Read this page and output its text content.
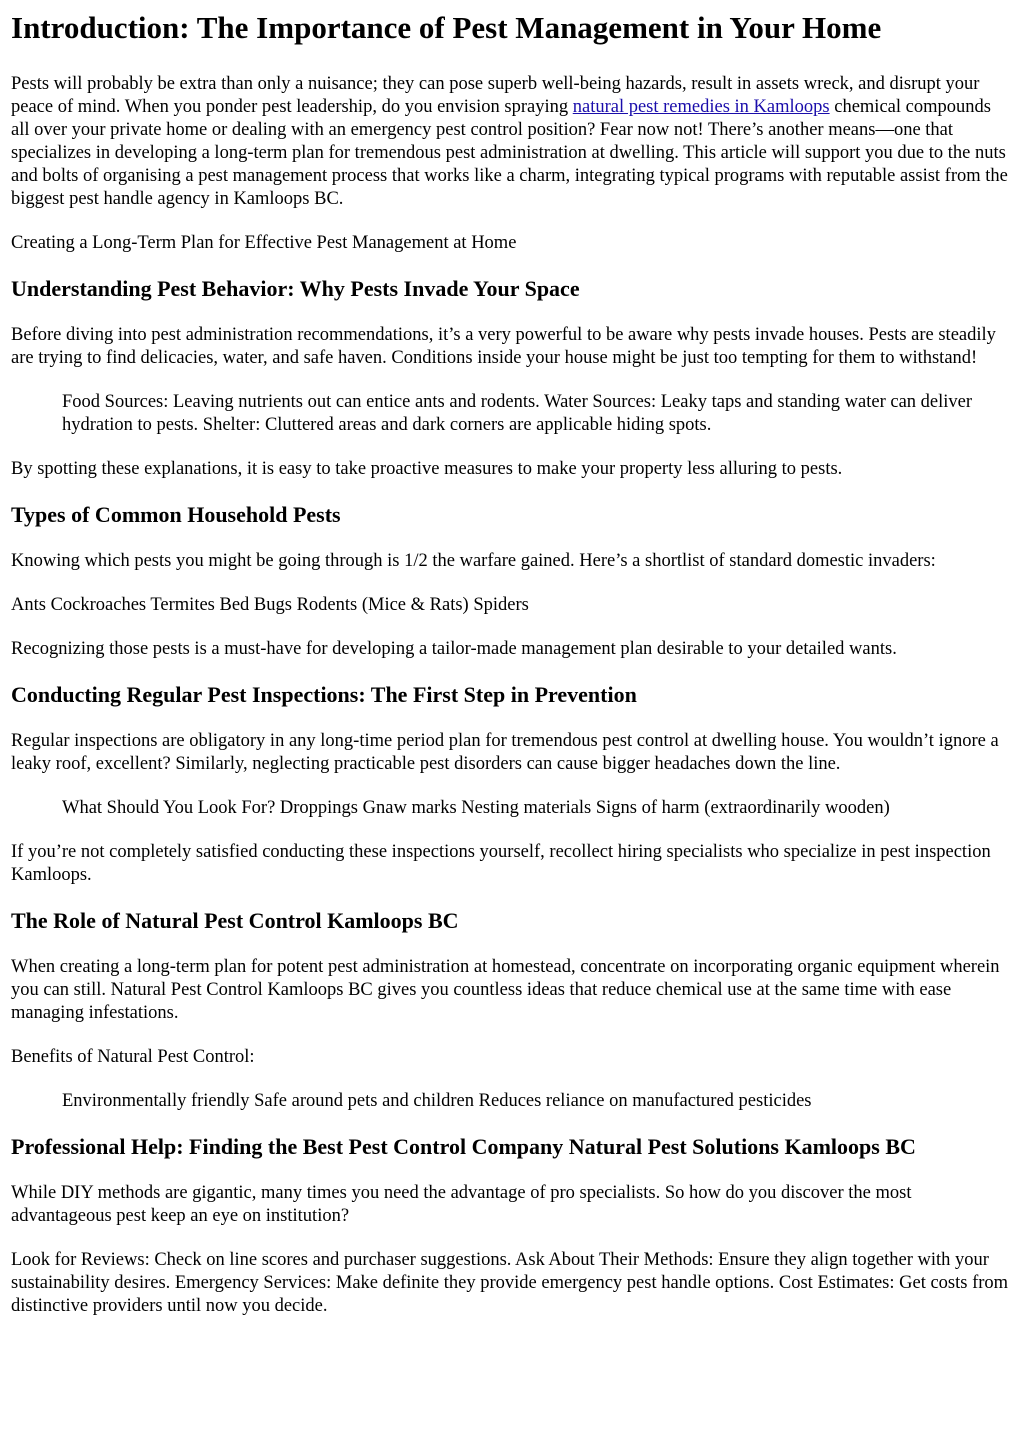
Introduction: The Importance of Pest Management in Your Home

Pests will probably be extra than only a nuisance; they can pose superb well-being hazards, result in assets wreck, and disrupt your peace of mind. When you ponder pest leadership, do you envision spraying natural pest remedies in Kamloops chemical compounds all over your private home or dealing with an emergency pest control position? Fear now not! There’s another means—one that specializes in developing a long-term plan for tremendous pest administration at dwelling. This article will support you due to the nuts and bolts of organising a pest management process that works like a charm, integrating typical programs with reputable assist from the biggest pest handle agency in Kamloops BC.

Creating a Long-Term Plan for Effective Pest Management at Home

Understanding Pest Behavior: Why Pests Invade Your Space

Before diving into pest administration recommendations, it’s a very powerful to be aware why pests invade houses. Pests are steadily are trying to find delicacies, water, and safe haven. Conditions inside your house might be just too tempting for them to withstand!

Food Sources: Leaving nutrients out can entice ants and rodents. Water Sources: Leaky taps and standing water can deliver hydration to pests. Shelter: Cluttered areas and dark corners are applicable hiding spots.

By spotting these explanations, it is easy to take proactive measures to make your property less alluring to pests.

Types of Common Household Pests

Knowing which pests you might be going through is 1/2 the warfare gained. Here’s a shortlist of standard domestic invaders:

Ants Cockroaches Termites Bed Bugs Rodents (Mice & Rats) Spiders

Recognizing those pests is a must-have for developing a tailor-made management plan desirable to your detailed wants.

Conducting Regular Pest Inspections: The First Step in Prevention

Regular inspections are obligatory in any long-time period plan for tremendous pest control at dwelling house. You wouldn’t ignore a leaky roof, excellent? Similarly, neglecting practicable pest disorders can cause bigger headaches down the line.

What Should You Look For? Droppings Gnaw marks Nesting materials Signs of harm (extraordinarily wooden)

If you’re not completely satisfied conducting these inspections yourself, recollect hiring specialists who specialize in pest inspection Kamloops.

The Role of Natural Pest Control Kamloops BC

When creating a long-term plan for potent pest administration at homestead, concentrate on incorporating organic equipment wherein you can still. Natural Pest Control Kamloops BC gives you countless ideas that reduce chemical use at the same time with ease managing infestations.

Benefits of Natural Pest Control:

Environmentally friendly Safe around pets and children Reduces reliance on manufactured pesticides

Professional Help: Finding the Best Pest Control Company Natural Pest Solutions Kamloops BC

While DIY methods are gigantic, many times you need the advantage of pro specialists. So how do you discover the most advantageous pest keep an eye on institution?

Look for Reviews: Check on line scores and purchaser suggestions. Ask About Their Methods: Ensure they align together with your sustainability desires. Emergency Services: Make definite they provide emergency pest handle options. Cost Estimates: Get costs from distinctive providers until now you decide.
